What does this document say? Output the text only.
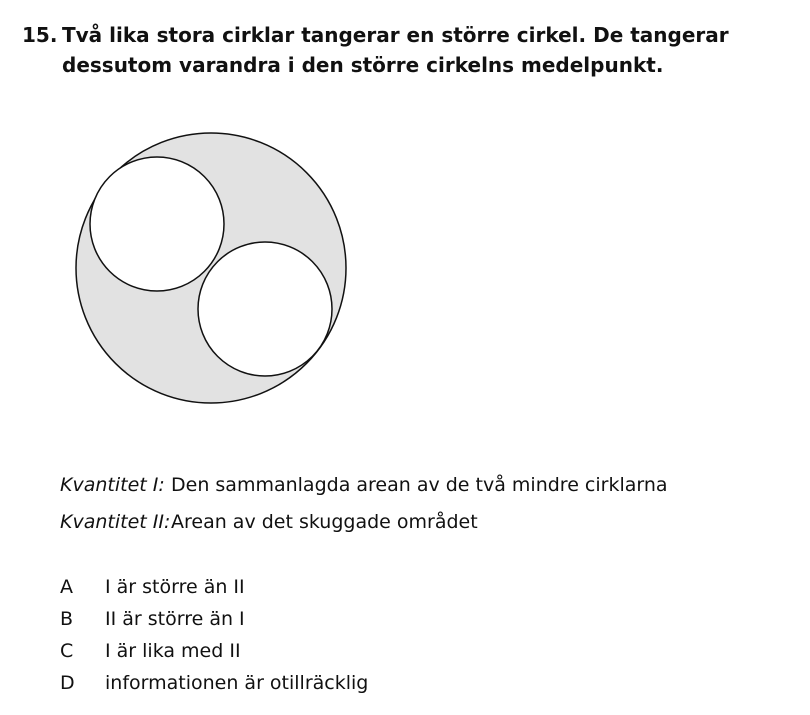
15. Två lika stora cirklar tangerar en större cirkel. De tangerar dessutom varandra i den större cirkelns medelpunkt.
Kvantitet I: Den sammanlagda arean av de två mindre cirklarna
Kvantitet II: Arean av det skuggade området
A I är större än II
B II är större än I
C I är lika med II
D informationen är otillräcklig
